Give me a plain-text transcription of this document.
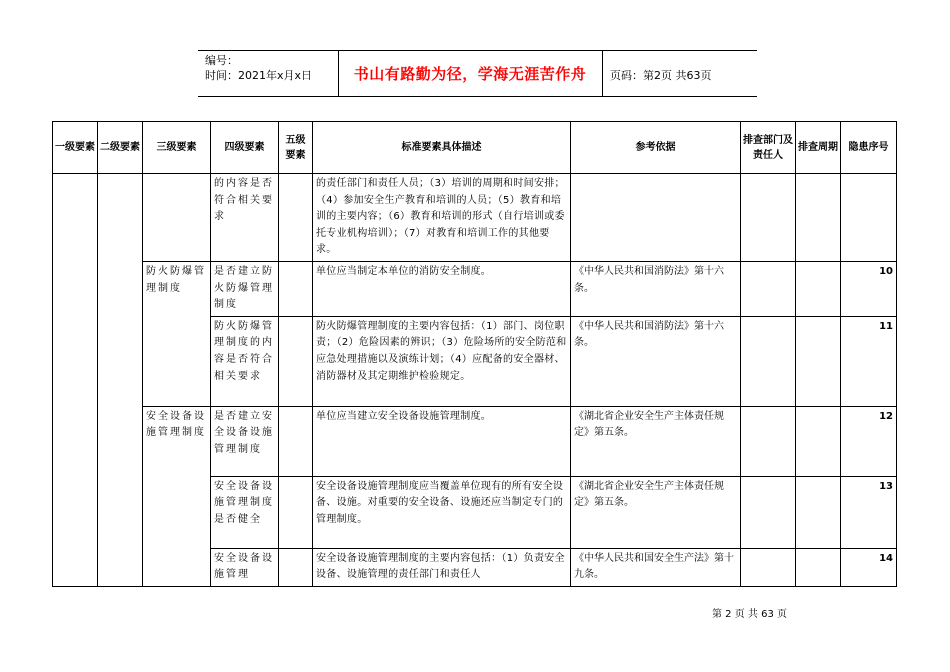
编号：
时间：2021年x月x日	书山有路勤为径，学海无涯苦作舟	页码：第2页 共63页
一级要素	二级要素	三级要素	四级要素	五级要素	标准要素具体描述	参考依据	排查部门及责任人	排查周期	隐患序号
			的内容是否符合相关要求		的责任部门和责任人员；（3）培训的周期和时间安排；（4）参加安全生产教育和培训的人员；（5）教育和培训的主要内容；（6）教育和培训的形式（自行培训或委托专业机构培训）；（7）对教育和培训工作的其他要求。				
		防火防爆管理制度	是否建立防火防爆管理制度		单位应当制定本单位的消防安全制度。	《中华人民共和国消防法》第十六条。			10
			防火防爆管理制度的内容是否符合相关要求		防火防爆管理制度的主要内容包括：（1）部门、岗位职责；（2）危险因素的辨识；（3）危险场所的安全防范和应急处理措施以及演练计划；（4）应配备的安全器材、消防器材及其定期维护检验规定。	《中华人民共和国消防法》第十六条。			11
		安全设备设施管理制度	是否建立安全设备设施管理制度		单位应当建立安全设备设施管理制度。	《湖北省企业安全生产主体责任规定》第五条。			12
			安全设备设施管理制度是否健全		安全设备设施管理制度应当覆盖单位现有的所有安全设备、设施。对重要的安全设备、设施还应当制定专门的管理制度。	《湖北省企业安全生产主体责任规定》第五条。			13
			安全设备设施管理		安全设备设施管理制度的主要内容包括：（1）负责安全设备、设施管理的责任部门和责任人	《中华人民共和国安全生产法》第十九条。			14
第 2 页 共 63 页
